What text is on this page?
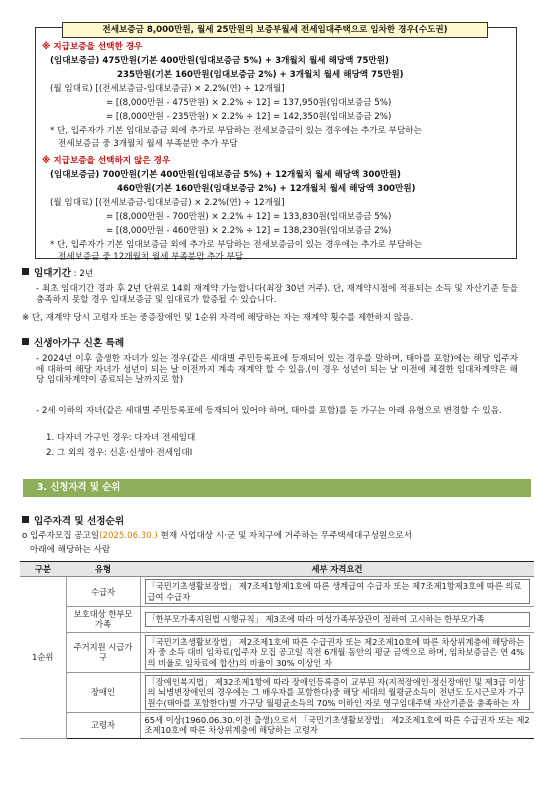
전세보증금 8,000만원, 월세 25만원의 보증부월세 전세임대주택으로 임차한 경우(수도권)
※ 지급보증을 선택한 경우
(임대보증금) 475만원(기본 400만원(임대보증금 5%) + 3개월치 월세 해당액 75만원)
235만원(기본 160만원(임대보증금 2%) + 3개월치 월세 해당액 75만원)
(월 임대료) [(전세보증금-임대보증금) × 2.2%(연) ÷ 12개월]
= [(8,000만원 - 475만원) × 2.2% ÷ 12] = 137,950원(임대보증금 5%)
= [(8,000만원 - 235만원) × 2.2% ÷ 12] = 142,350원(임대보증금 2%)
* 단, 입주자가 기본 임대보증금 외에 추가로 부담하는 전세보증금이 있는 경우에는 추가로 부담하는
전세보증금 중 3개월치 월세 부족분만 추가 부담
※ 지급보증을 선택하지 않은 경우
(임대보증금) 700만원(기본 400만원(임대보증금 5%) + 12개월치 월세 해당액 300만원)
460만원(기본 160만원(임대보증금 2%) + 12개월치 월세 해당액 300만원)
(월 임대료) [(전세보증금-임대보증금) × 2.2%(연) ÷ 12개월]
= [(8,000만원 - 700만원) × 2.2% ÷ 12] = 133,830원(임대보증금 5%)
= [(8,000만원 - 460만원) × 2.2% ÷ 12] = 138,230원(임대보증금 2%)
* 단, 입주자가 기본 임대보증금 외에 추가로 부담하는 전세보증금이 있는 경우에는 추가로 부담하는
전세보증금 중 12개월치 월세 부족분만 추가 부담
임대기간 : 2년
- 최초 임대기간 경과 후 2년 단위로 14회 재계약 가능합니다(최장 30년 거주). 단, 재계약시점에 적용되는 소득 및 자산기준 등을 충족하지 못할 경우 임대보증금 및 임대료가 할증될 수 있습니다.
※ 단, 재계약 당시 고령자 또는 중증장애인 및 1순위 자격에 해당하는 자는 재계약 횟수를 제한하지 않음.
신생아가구 신혼 특례
- 2024년 이후 출생한 자녀가 있는 경우(같은 세대별 주민등록표에 등재되어 있는 경우를 말하며, 태아를 포함)에는 해당 입주자에 대하여 해당 자녀가 성년이 되는 날 이전까지 계속 재계약 할 수 있음.(이 경우 성년이 되는 날 이전에 체결한 임대차계약은 해당 임대차계약이 종료되는 날까지로 함)
- 2세 이하의 자녀(같은 세대별 주민등록표에 등재되어 있어야 하며, 태아를 포함)를 둔 가구는 아래 유형으로 변경할 수 있음.
1. 다자녀 가구인 경우: 다자녀 전세임대
2. 그 외의 경우: 신혼·신생아 전세임대Ⅰ
3. 신청자격 및 순위
입주자격 및 선정순위
o 입주자모집 공고일(2025.06.30.) 현재 사업대상 시·군 및 자치구에 거주하는 무주택세대구성원으로서
아래에 해당하는 사람
구분	유형	세부 자격요건
1순위	수급자	「국민기초생활보장법」 제7조제1항제1호에 따른 생계급여 수급자 또는 제7조제1항제3호에 따른 의료급여 수급자

	보호대상 한부모가족	「한부모가족지원법 시행규칙」 제3조에 따라 여성가족부장관이 정하여 고시하는 한부모가족

	주거지원 시급가구	「국민기초생활보장법」 제2조제1호에 따른 수급권자 또는 제2조제10호에 따른 차상위계층에 해당하는 자 중 소득 대비 임차료(입주자 모집 공고일 직전 6개월 동안의 평균 금액으로 하며, 임차보증금은 연 4%의 비율로 임차료에 합산)의 비율이 30% 이상인 자

	장애인	「장애인복지법」 제32조제1항에 따라 장애인등록증이 교부된 자(지적장애인·정신장애인 및 제3급 이상의 뇌병변장애인의 경우에는 그 배우자를 포함한다)중 해당 세대의 월평균소득이 전년도 도시근로자 가구원수(태아를 포함한다)별 가구당 월평균소득의 70% 이하인 자로 영구임대주택 자산기준을 충족하는 자

	고령자	65세 이상(1960.06.30.이전 출생)으로서 「국민기초생활보장법」 제2조제1호에 따른 수급권자 또는 제2조제10호에 따른 차상위계층에 해당하는 고령자
